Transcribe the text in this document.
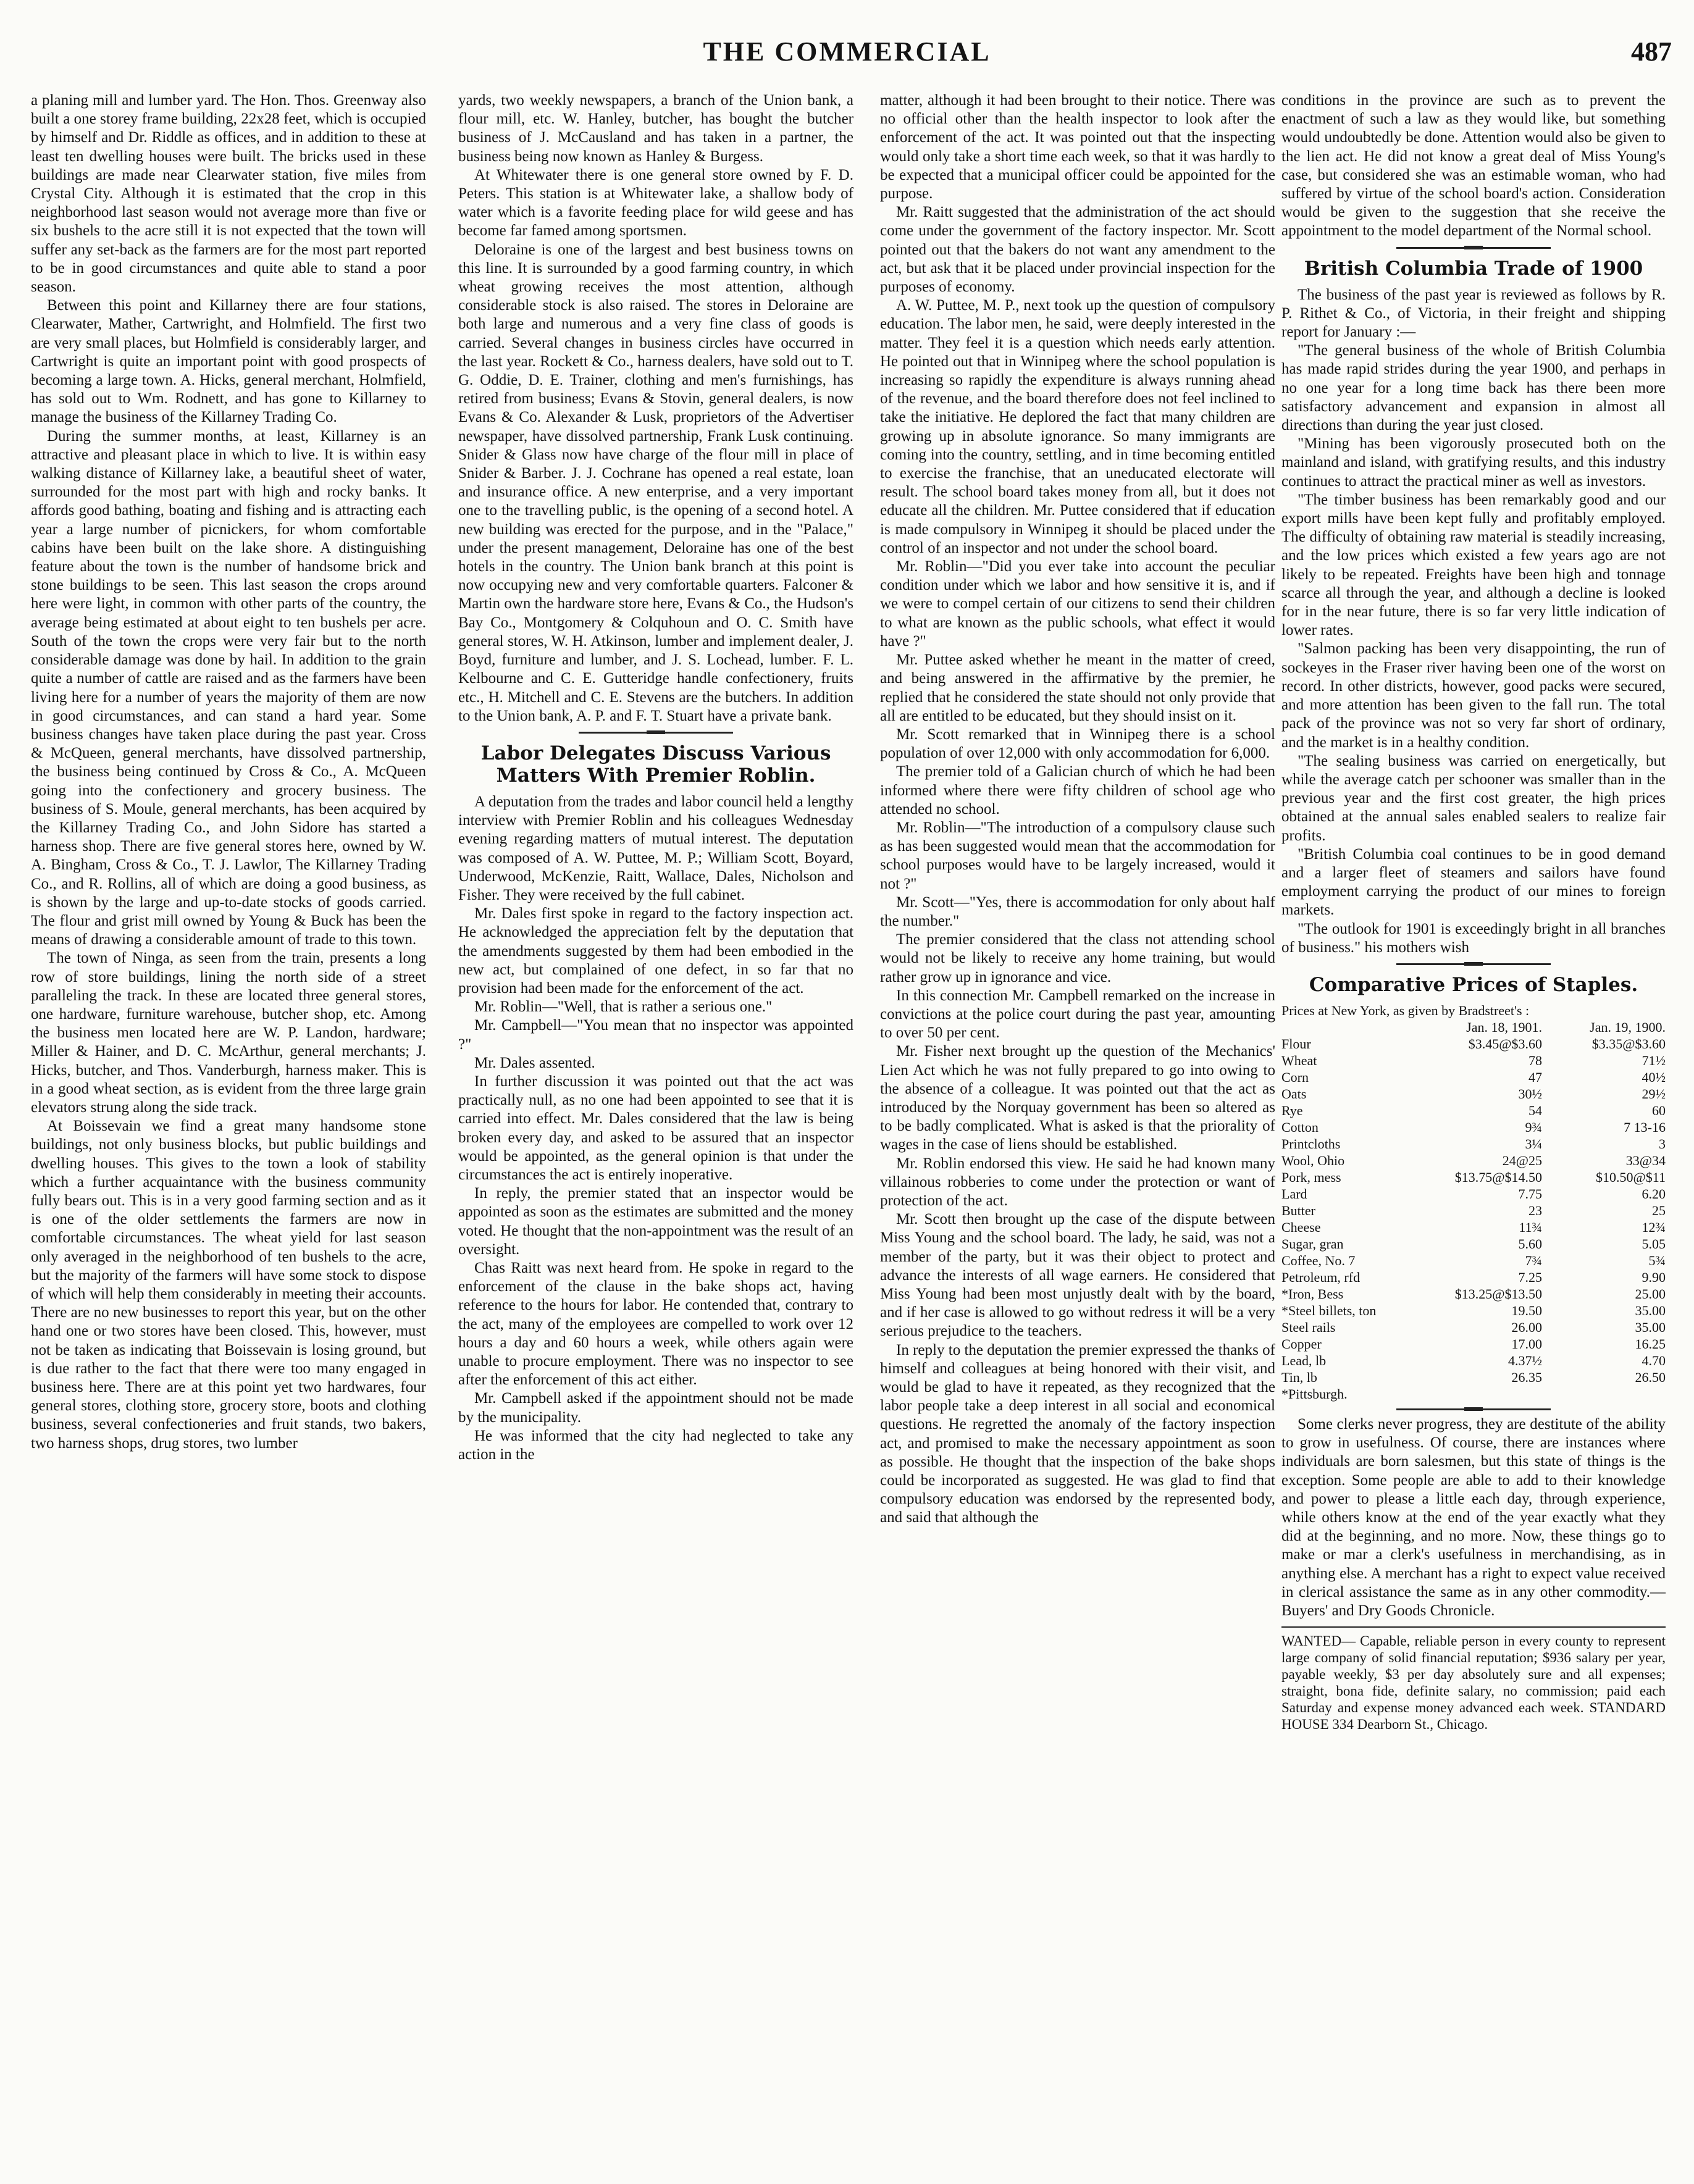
THE COMMERCIAL	487

a planing mill and lumber yard. The Hon. Thos. Greenway also built a one storey frame building, 22x28 feet, which is occupied by himself and Dr. Riddle as offices, and in addition to these at least ten dwelling houses were built. The bricks used in these buildings are made near Clearwater station, five miles from Crystal City. Although it is estimated that the crop in this neighborhood last season would not average more than five or six bushels to the acre still it is not expected that the town will suffer any set-back as the farmers are for the most part reported to be in good circumstances and quite able to stand a poor season.

Between this point and Killarney there are four stations, Clearwater, Mather, Cartwright, and Holmfield. The first two are very small places, but Holmfield is considerably larger, and Cartwright is quite an important point with good prospects of becoming a large town. A. Hicks, general merchant, Holmfield, has sold out to Wm. Rodnett, and has gone to Killarney to manage the business of the Killarney Trading Co.

During the summer months, at least, Killarney is an attractive and pleasant place in which to live. It is within easy walking distance of Killarney lake, a beautiful sheet of water, surrounded for the most part with high and rocky banks. It affords good bathing, boating and fishing and is attracting each year a large number of picnickers, for whom comfortable cabins have been built on the lake shore. A distinguishing feature about the town is the number of handsome brick and stone buildings to be seen. This last season the crops around here were light, in common with other parts of the country, the average being estimated at about eight to ten bushels per acre. South of the town the crops were very fair but to the north considerable damage was done by hail. In addition to the grain quite a number of cattle are raised and as the farmers have been living here for a number of years the majority of them are now in good circumstances, and can stand a hard year. Some business changes have taken place during the past year. Cross & McQueen, general merchants, have dissolved partnership, the business being continued by Cross & Co., A. McQueen going into the confectionery and grocery business. The business of S. Moule, general merchants, has been acquired by the Killarney Trading Co., and John Sidore has started a harness shop. There are five general stores here, owned by W. A. Bingham, Cross & Co., T. J. Lawlor, The Killarney Trading Co., and R. Rollins, all of which are doing a good business, as is shown by the large and up-to-date stocks of goods carried. The flour and grist mill owned by Young & Buck has been the means of drawing a considerable amount of trade to this town.

The town of Ninga, as seen from the train, presents a long row of store buildings, lining the north side of a street paralleling the track. In these are located three general stores, one hardware, furniture warehouse, butcher shop, etc. Among the business men located here are W. P. Landon, hardware; Miller & Hainer, and D. C. McArthur, general merchants; J. Hicks, butcher, and Thos. Vanderburgh, harness maker. This is in a good wheat section, as is evident from the three large grain elevators strung along the side track.

At Boissevain we find a great many handsome stone buildings, not only business blocks, but public buildings and dwelling houses. This gives to the town a look of stability which a further acquaintance with the business community fully bears out. This is in a very good farming section and as it is one of the older settlements the farmers are now in comfortable circumstances. The wheat yield for last season only averaged in the neighborhood of ten bushels to the acre, but the majority of the farmers will have some stock to dispose of which will help them considerably in meeting their accounts. There are no new businesses to report this year, but on the other hand one or two stores have been closed. This, however, must not be taken as indicating that Boissevain is losing ground, but is due rather to the fact that there were too many engaged in business here. There are at this point yet two hardwares, four general stores, clothing store, grocery store, boots and clothing business, several confectioneries and fruit stands, two bakers, two harness shops, drug stores, two lumber

yards, two weekly newspapers, a branch of the Union bank, a flour mill, etc. W. Hanley, butcher, has bought the butcher business of J. McCausland and has taken in a partner, the business being now known as Hanley & Burgess.

At Whitewater there is one general store owned by F. D. Peters. This station is at Whitewater lake, a shallow body of water which is a favorite feeding place for wild geese and has become far famed among sportsmen.

Deloraine is one of the largest and best business towns on this line. It is surrounded by a good farming country, in which wheat growing receives the most attention, although considerable stock is also raised. The stores in Deloraine are both large and numerous and a very fine class of goods is carried. Several changes in business circles have occurred in the last year. Rockett & Co., harness dealers, have sold out to T. G. Oddie, D. E. Trainer, clothing and men's furnishings, has retired from business; Evans & Stovin, general dealers, is now Evans & Co. Alexander & Lusk, proprietors of the Advertiser newspaper, have dissolved partnership, Frank Lusk continuing. Snider & Glass now have charge of the flour mill in place of Snider & Barber. J. J. Cochrane has opened a real estate, loan and insurance office. A new enterprise, and a very important one to the travelling public, is the opening of a second hotel. A new building was erected for the purpose, and in the "Palace," under the present management, Deloraine has one of the best hotels in the country. The Union bank branch at this point is now occupying new and very comfortable quarters. Falconer & Martin own the hardware store here, Evans & Co., the Hudson's Bay Co., Montgomery & Colquhoun and O. C. Smith have general stores, W. H. Atkinson, lumber and implement dealer, J. Boyd, furniture and lumber, and J. S. Lochead, lumber. F. L. Kelbourne and C. E. Gutteridge handle confectionery, fruits etc., H. Mitchell and C. E. Stevens are the butchers. In addition to the Union bank, A. P. and F. T. Stuart have a private bank.

Labor Delegates Discuss Various Matters With Premier Roblin.

A deputation from the trades and labor council held a lengthy interview with Premier Roblin and his colleagues Wednesday evening regarding matters of mutual interest. The deputation was composed of A. W. Puttee, M. P.; William Scott, Boyard, Underwood, McKenzie, Raitt, Wallace, Dales, Nicholson and Fisher. They were received by the full cabinet.

Mr. Dales first spoke in regard to the factory inspection act. He acknowledged the appreciation felt by the deputation that the amendments suggested by them had been embodied in the new act, but complained of one defect, in so far that no provision had been made for the enforcement of the act.

Mr. Roblin—"Well, that is rather a serious one."

Mr. Campbell—"You mean that no inspector was appointed ?"

Mr. Dales assented.

In further discussion it was pointed out that the act was practically null, as no one had been appointed to see that it is carried into effect. Mr. Dales considered that the law is being broken every day, and asked to be assured that an inspector would be appointed, as the general opinion is that under the circumstances the act is entirely inoperative.

In reply, the premier stated that an inspector would be appointed as soon as the estimates are submitted and the money voted. He thought that the non-appointment was the result of an oversight.

Chas Raitt was next heard from. He spoke in regard to the enforcement of the clause in the bake shops act, having reference to the hours for labor. He contended that, contrary to the act, many of the employees are compelled to work over 12 hours a day and 60 hours a week, while others again were unable to procure employment. There was no inspector to see after the enforcement of this act either.

Mr. Campbell asked if the appointment should not be made by the municipality.

He was informed that the city had neglected to take any action in the

matter, although it had been brought to their notice. There was no official other than the health inspector to look after the enforcement of the act. It was pointed out that the inspecting would only take a short time each week, so that it was hardly to be expected that a municipal officer could be appointed for the purpose.

Mr. Raitt suggested that the administration of the act should come under the government of the factory inspector. Mr. Scott pointed out that the bakers do not want any amendment to the act, but ask that it be placed under provincial inspection for the purposes of economy.

A. W. Puttee, M. P., next took up the question of compulsory education. The labor men, he said, were deeply interested in the matter. They feel it is a question which needs early attention. He pointed out that in Winnipeg where the school population is increasing so rapidly the expenditure is always running ahead of the revenue, and the board therefore does not feel inclined to take the initiative. He deplored the fact that many children are growing up in absolute ignorance. So many immigrants are coming into the country, settling, and in time becoming entitled to exercise the franchise, that an uneducated electorate will result. The school board takes money from all, but it does not educate all the children. Mr. Puttee considered that if education is made compulsory in Winnipeg it should be placed under the control of an inspector and not under the school board.

Mr. Roblin—"Did you ever take into account the peculiar condition under which we labor and how sensitive it is, and if we were to compel certain of our citizens to send their children to what are known as the public schools, what effect it would have ?"

Mr. Puttee asked whether he meant in the matter of creed, and being answered in the affirmative by the premier, he replied that he considered the state should not only provide that all are entitled to be educated, but they should insist on it.

Mr. Scott remarked that in Winnipeg there is a school population of over 12,000 with only accommodation for 6,000.

The premier told of a Galician church of which he had been informed where there were fifty children of school age who attended no school.

Mr. Roblin—"The introduction of a compulsory clause such as has been suggested would mean that the accommodation for school purposes would have to be largely increased, would it not ?"

Mr. Scott—"Yes, there is accommodation for only about half the number."

The premier considered that the class not attending school would not be likely to receive any home training, but would rather grow up in ignorance and vice.

In this connection Mr. Campbell remarked on the increase in convictions at the police court during the past year, amounting to over 50 per cent.

Mr. Fisher next brought up the question of the Mechanics' Lien Act which he was not fully prepared to go into owing to the absence of a colleague. It was pointed out that the act as introduced by the Norquay government has been so altered as to be badly complicated. What is asked is that the priorality of wages in the case of liens should be established.

Mr. Roblin endorsed this view. He said he had known many villainous robberies to come under the protection or want of protection of the act.

Mr. Scott then brought up the case of the dispute between Miss Young and the school board. The lady, he said, was not a member of the party, but it was their object to protect and advance the interests of all wage earners. He considered that Miss Young had been most unjustly dealt with by the board, and if her case is allowed to go without redress it will be a very serious prejudice to the teachers.

In reply to the deputation the premier expressed the thanks of himself and colleagues at being honored with their visit, and would be glad to have it repeated, as they recognized that the labor people take a deep interest in all social and economical questions. He regretted the anomaly of the factory inspection act, and promised to make the necessary appointment as soon as possible. He thought that the inspection of the bake shops could be incorporated as suggested. He was glad to find that compulsory education was endorsed by the represented body, and said that although the

conditions in the province are such as to prevent the enactment of such a law as they would like, but something would undoubtedly be done. Attention would also be given to the lien act. He did not know a great deal of Miss Young's case, but considered she was an estimable woman, who had suffered by virtue of the school board's action. Consideration would be given to the suggestion that she receive the appointment to the model department of the Normal school.

British Columbia Trade of 1900

The business of the past year is reviewed as follows by R. P. Rithet & Co., of Victoria, in their freight and shipping report for January :—

"The general business of the whole of British Columbia has made rapid strides during the year 1900, and perhaps in no one year for a long time back has there been more satisfactory advancement and expansion in almost all directions than during the year just closed.

"Mining has been vigorously prosecuted both on the mainland and island, with gratifying results, and this industry continues to attract the practical miner as well as investors.

"The timber business has been remarkably good and our export mills have been kept fully and profitably employed. The difficulty of obtaining raw material is steadily increasing, and the low prices which existed a few years ago are not likely to be repeated. Freights have been high and tonnage scarce all through the year, and although a decline is looked for in the near future, there is so far very little indication of lower rates.

"Salmon packing has been very disappointing, the run of sockeyes in the Fraser river having been one of the worst on record. In other districts, however, good packs were secured, and more attention has been given to the fall run. The total pack of the province was not so very far short of ordinary, and the market is in a healthy condition.

"The sealing business was carried on energetically, but while the average catch per schooner was smaller than in the previous year and the first cost greater, the high prices obtained at the annual sales enabled sealers to realize fair profits.

"British Columbia coal continues to be in good demand and a larger fleet of steamers and sailors have found employment carrying the product of our mines to foreign markets.

"The outlook for 1901 is exceedingly bright in all branches of business." his mothers wish

Comparative Prices of Staples.
Prices at New York, as given by Bradstreet's :
Jan. 18, 1901.	Jan. 19, 1900.
Flour	$3.45@$3.60	$3.35@$3.60
Wheat	78	71½
Corn	47	40½
Oats	30½	29½
Rye	54	60
Cotton	9¾	7 13-16
Printcloths	3¼	3
Wool, Ohio	24@25	33@34
Pork, mess	$13.75@$14.50	$10.50@$11
Lard	7.75	6.20
Butter	23	25
Cheese	11¾	12¾
Sugar, gran	5.60	5.05
Coffee, No. 7	7¾	5¾
Petroleum, rfd	7.25	9.90
*Iron, Bess	$13.25@$13.50	25.00
*Steel billets, ton	19.50	35.00
Steel rails	26.00	35.00
Copper	17.00	16.25
Lead, lb	4.37½	4.70
Tin, lb	26.35	26.50
*Pittsburgh.

Some clerks never progress, they are destitute of the ability to grow in usefulness. Of course, there are instances where individuals are born salesmen, but this state of things is the exception. Some people are able to add to their knowledge and power to please a little each day, through experience, while others know at the end of the year exactly what they did at the beginning, and no more. Now, these things go to make or mar a clerk's usefulness in merchandising, as in anything else. A merchant has a right to expect value received in clerical assistance the same as in any other commodity.—Buyers' and Dry Goods Chronicle.

WANTED— Capable, reliable person in every county to represent large company of solid financial reputation; $936 salary per year, payable weekly, $3 per day absolutely sure and all expenses; straight, bona fide, definite salary, no commission; paid each Saturday and expense money advanced each week. STANDARD HOUSE 334 Dearborn St., Chicago.
